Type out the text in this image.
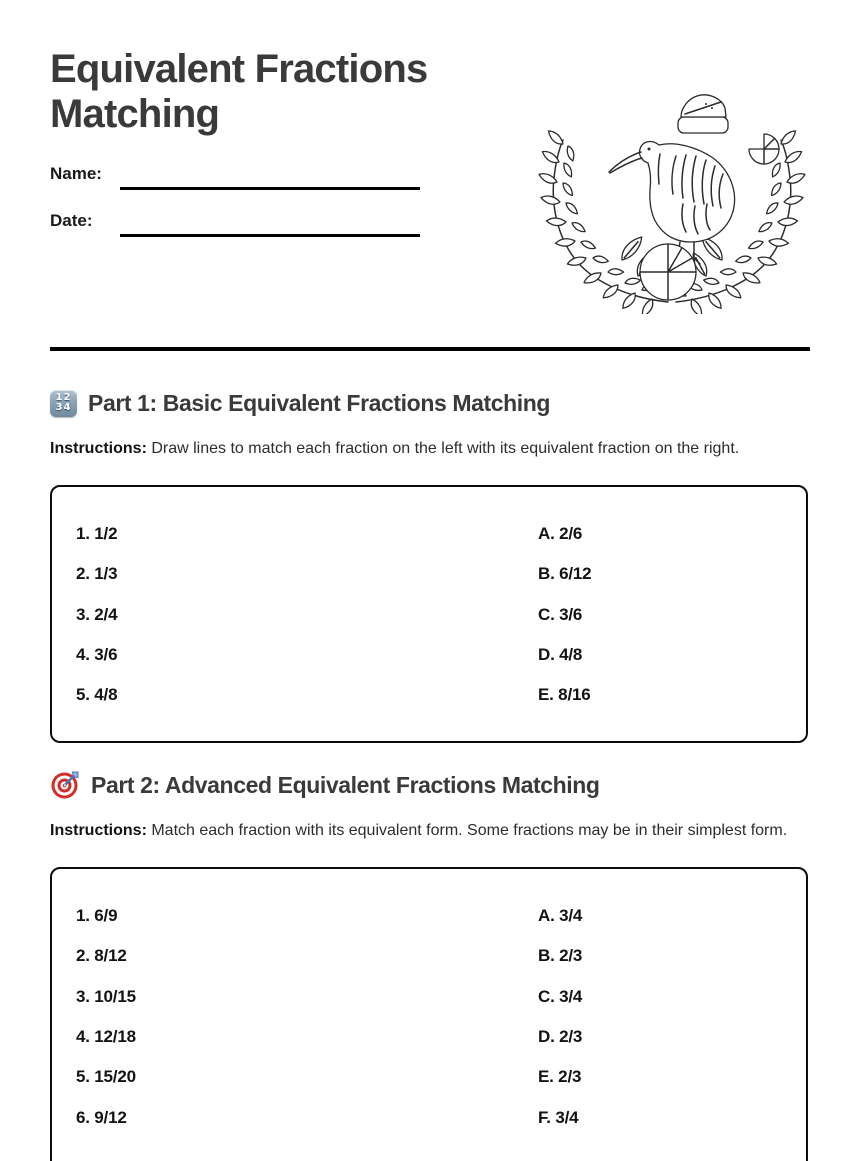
Equivalent Fractions Matching
Name:
Date:
12
34 Part 1: Basic Equivalent Fractions Matching

Instructions: Draw lines to match each fraction on the left with its equivalent fraction on the right.

1. 1/2	A. 2/6
2. 1/3	B. 6/12
3. 2/4	C. 3/6
4. 3/6	D. 4/8
5. 4/8	E. 8/16
Part 2: Advanced Equivalent Fractions Matching

Instructions: Match each fraction with its equivalent form. Some fractions may be in their simplest form.

1. 6/9	A. 3/4
2. 8/12	B. 2/3
3. 10/15	C. 3/4
4. 12/18	D. 2/3
5. 15/20	E. 2/3
6. 9/12	F. 3/4
